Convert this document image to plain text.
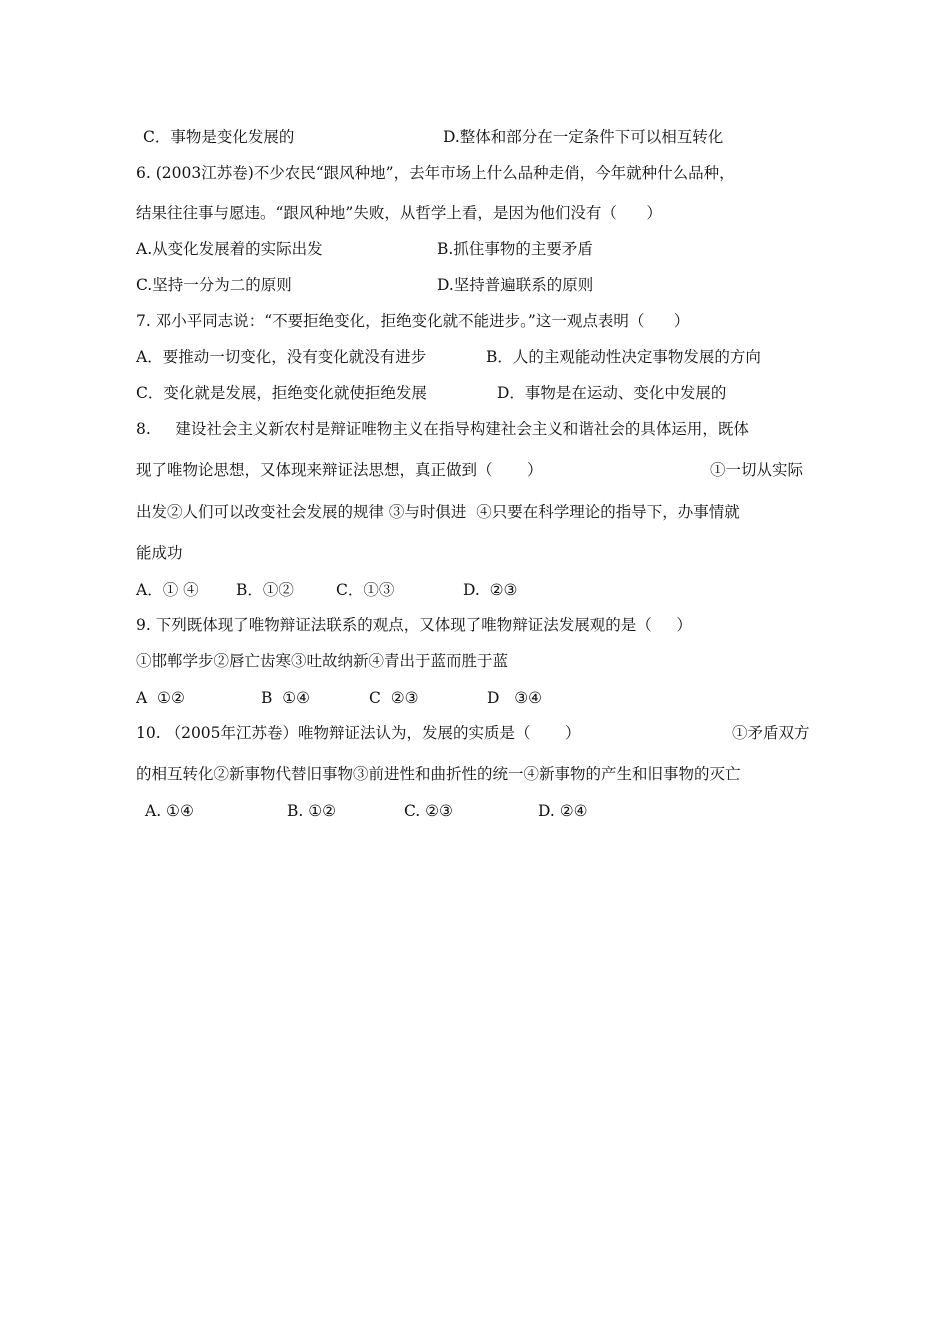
C．事物是变化发展的	D.整体和部分在一定条件下可以相互转化
6. (2003江苏卷)不少农民“跟风种地”，去年市场上什么品种走俏，今年就种什么品种，
结果往往事与愿违。“跟风种地”失败，从哲学上看，是因为他们没有（      ）
A.从变化发展着的实际出发	B.抓住事物的主要矛盾
C.坚持一分为二的原则	D.坚持普遍联系的原则
7. 邓小平同志说：“不要拒绝变化，拒绝变化就不能进步。”这一观点表明（      ）
A．要推动一切变化，没有变化就没有进步	B．人的主观能动性决定事物发展的方向
C．变化就是发展，拒绝变化就使拒绝发展	D．事物是在运动、变化中发展的
8.     建设社会主义新农村是辩证唯物主义在指导构建社会主义和谐社会的具体运用，既体
现了唯物论思想，又体现来辩证法思想，真正做到（       ）	①一切从实际
出发②人们可以改变社会发展的规律 ③与时俱进  ④只要在科学理论的指导下，办事情就
能成功
A．① ④ B．①②	C．①③	D.  ②③
9. 下列既体现了唯物辩证法联系的观点，又体现了唯物辩证法发展观的是（     ）
①邯郸学步②唇亡齿寒③吐故纳新④青出于蓝而胜于蓝
A  ①②	B  ①④	C  ②③	D   ③④
10. （2005年江苏卷）唯物辩证法认为，发展的实质是（       ）	①矛盾双方
的相互转化②新事物代替旧事物③前进性和曲折性的统一④新事物的产生和旧事物的灭亡
A. ①④	B. ①②	C. ②③	D. ②④
